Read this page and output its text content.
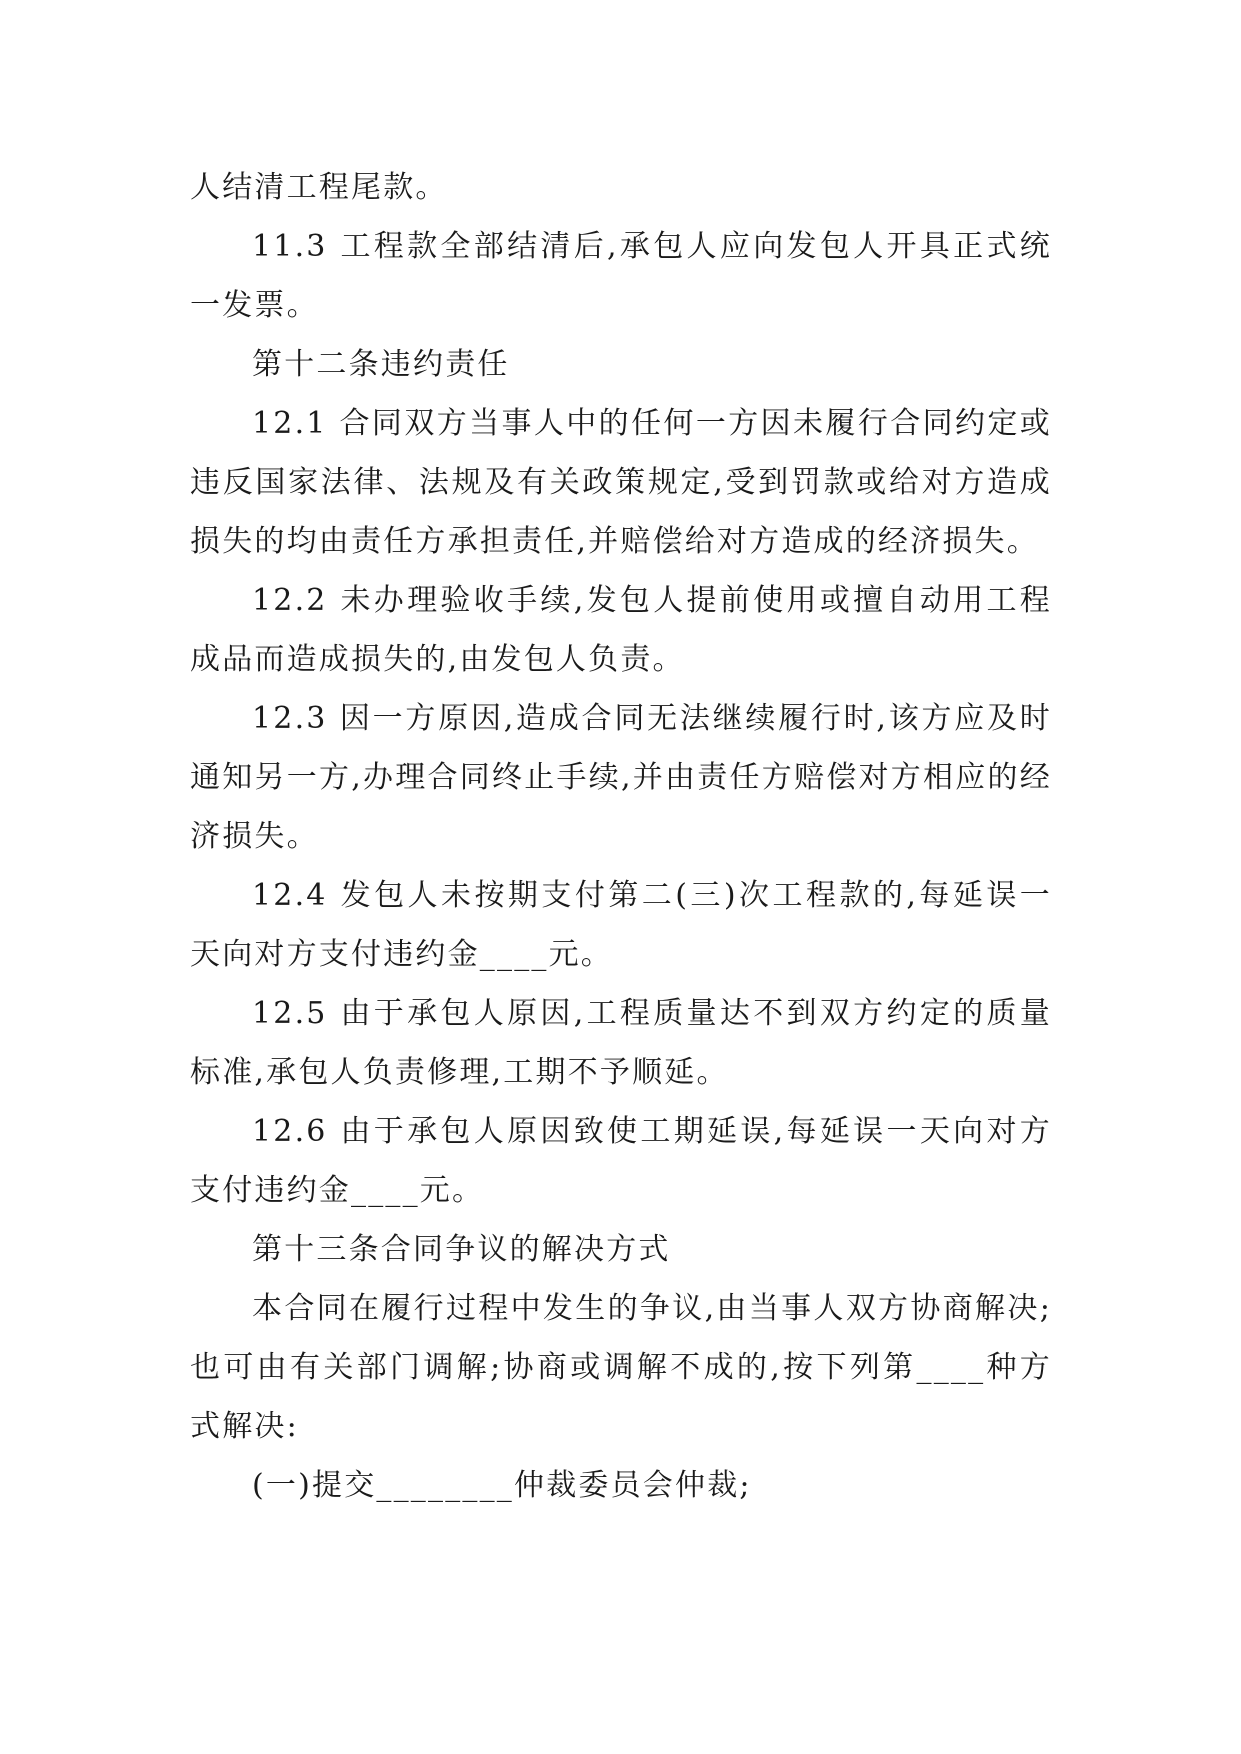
人结清工程尾款。

11.3 工程款全部结清后,承包人应向发包人开具正式统一发票。

第十二条违约责任

12.1 合同双方当事人中的任何一方因未履行合同约定或违反国家法律、法规及有关政策规定,受到罚款或给对方造成损失的均由责任方承担责任,并赔偿给对方造成的经济损失。

12.2 未办理验收手续,发包人提前使用或擅自动用工程成品而造成损失的,由发包人负责。

12.3 因一方原因,造成合同无法继续履行时,该方应及时通知另一方,办理合同终止手续,并由责任方赔偿对方相应的经济损失。

12.4 发包人未按期支付第二(三)次工程款的,每延误一天向对方支付违约金____元。

12.5 由于承包人原因,工程质量达不到双方约定的质量标准,承包人负责修理,工期不予顺延。

12.6 由于承包人原因致使工期延误,每延误一天向对方支付违约金____元。

第十三条合同争议的解决方式

本合同在履行过程中发生的争议,由当事人双方协商解决;也可由有关部门调解;协商或调解不成的,按下列第____种方式解决:

(一)提交________仲裁委员会仲裁;
